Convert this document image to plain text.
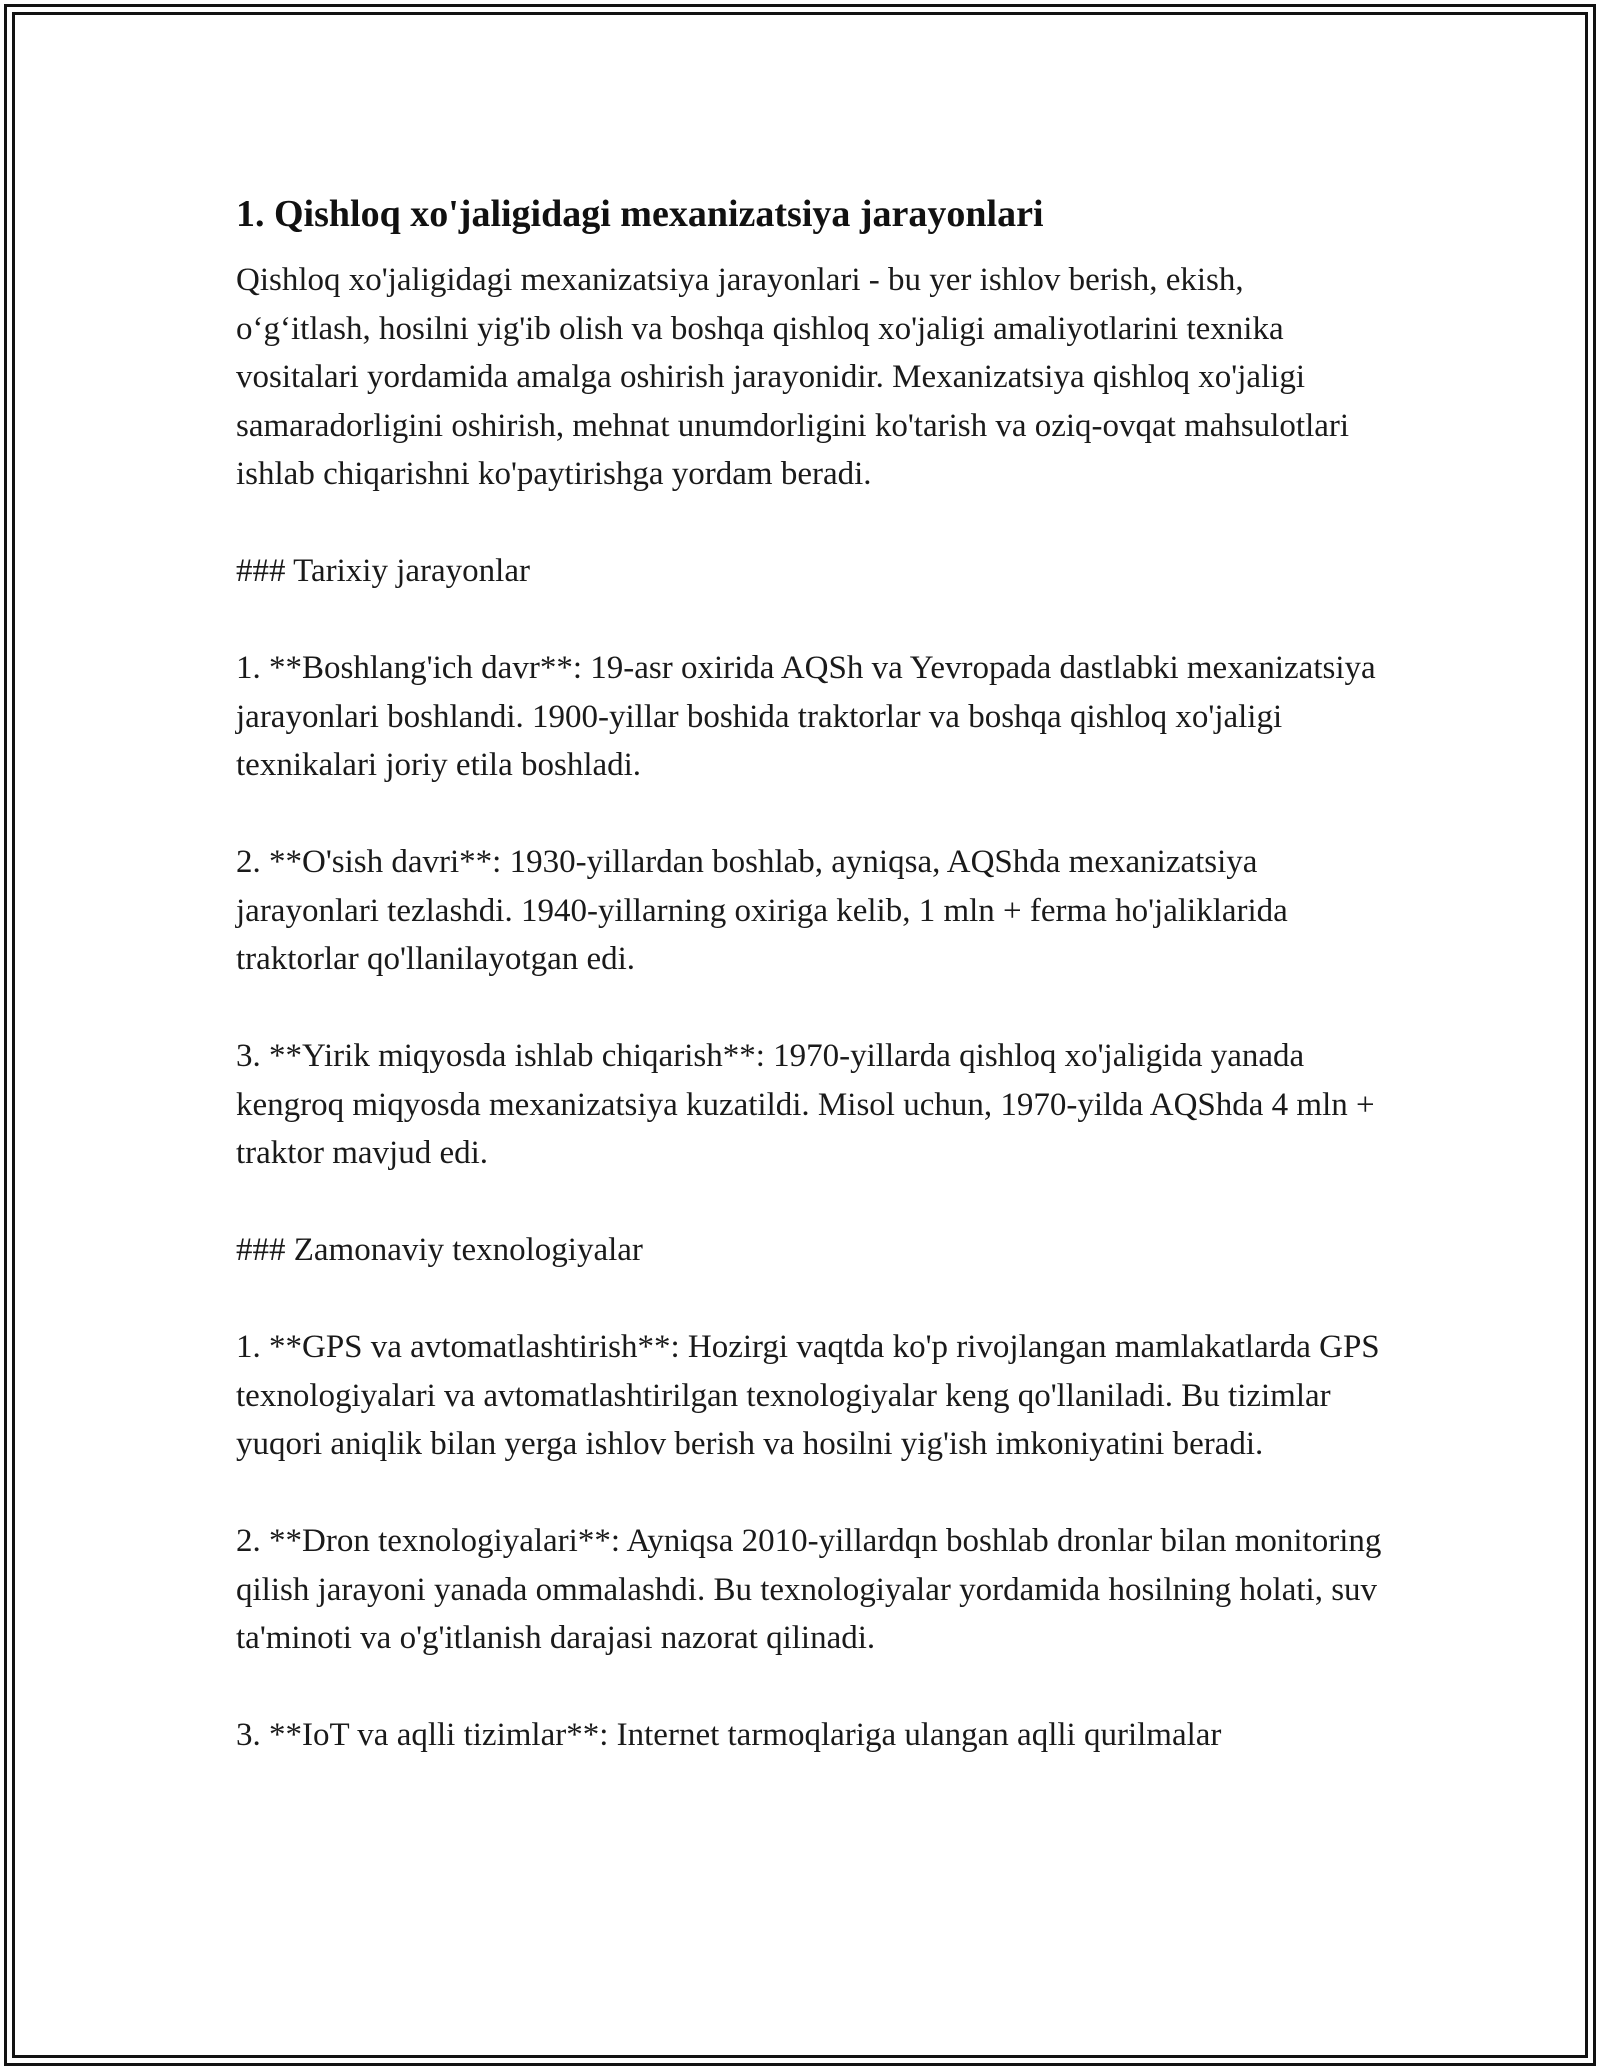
1. Qishloq xo'jaligidagi mexanizatsiya jarayonlari

Qishloq xo'jaligidagi mexanizatsiya jarayonlari - bu yer ishlov berish, ekish, o‘g‘itlash, hosilni yig'ib olish va boshqa qishloq xo'jaligi amaliyotlarini texnika vositalari yordamida amalga oshirish jarayonidir. Mexanizatsiya qishloq xo'jaligi samaradorligini oshirish, mehnat unumdorligini ko'tarish va oziq-ovqat mahsulotlari ishlab chiqarishni ko'paytirishga yordam beradi.

### Tarixiy jarayonlar

1. **Boshlang'ich davr**: 19-asr oxirida AQSh va Yevropada dastlabki mexanizatsiya jarayonlari boshlandi. 1900-yillar boshida traktorlar va boshqa qishloq xo'jaligi texnikalari joriy etila boshladi.

2. **O'sish davri**: 1930-yillardan boshlab, ayniqsa, AQShda mexanizatsiya jarayonlari tezlashdi. 1940-yillarning oxiriga kelib, 1 mln + ferma ho'jaliklarida traktorlar qo'llanilayotgan edi.

3. **Yirik miqyosda ishlab chiqarish**: 1970-yillarda qishloq xo'jaligida yanada kengroq miqyosda mexanizatsiya kuzatildi. Misol uchun, 1970-yilda AQShda 4 mln + traktor mavjud edi.

### Zamonaviy texnologiyalar

1. **GPS va avtomatlashtirish**: Hozirgi vaqtda ko'p rivojlangan mamlakatlarda GPS texnologiyalari va avtomatlashtirilgan texnologiyalar keng qo'llaniladi. Bu tizimlar yuqori aniqlik bilan yerga ishlov berish va hosilni yig'ish imkoniyatini beradi.

2. **Dron texnologiyalari**: Ayniqsa 2010-yillardqn boshlab dronlar bilan monitoring qilish jarayoni yanada ommalashdi. Bu texnologiyalar yordamida hosilning holati, suv ta'minoti va o'g'itlanish darajasi nazorat qilinadi.

3. **IoT va aqlli tizimlar**: Internet tarmoqlariga ulangan aqlli qurilmalar
